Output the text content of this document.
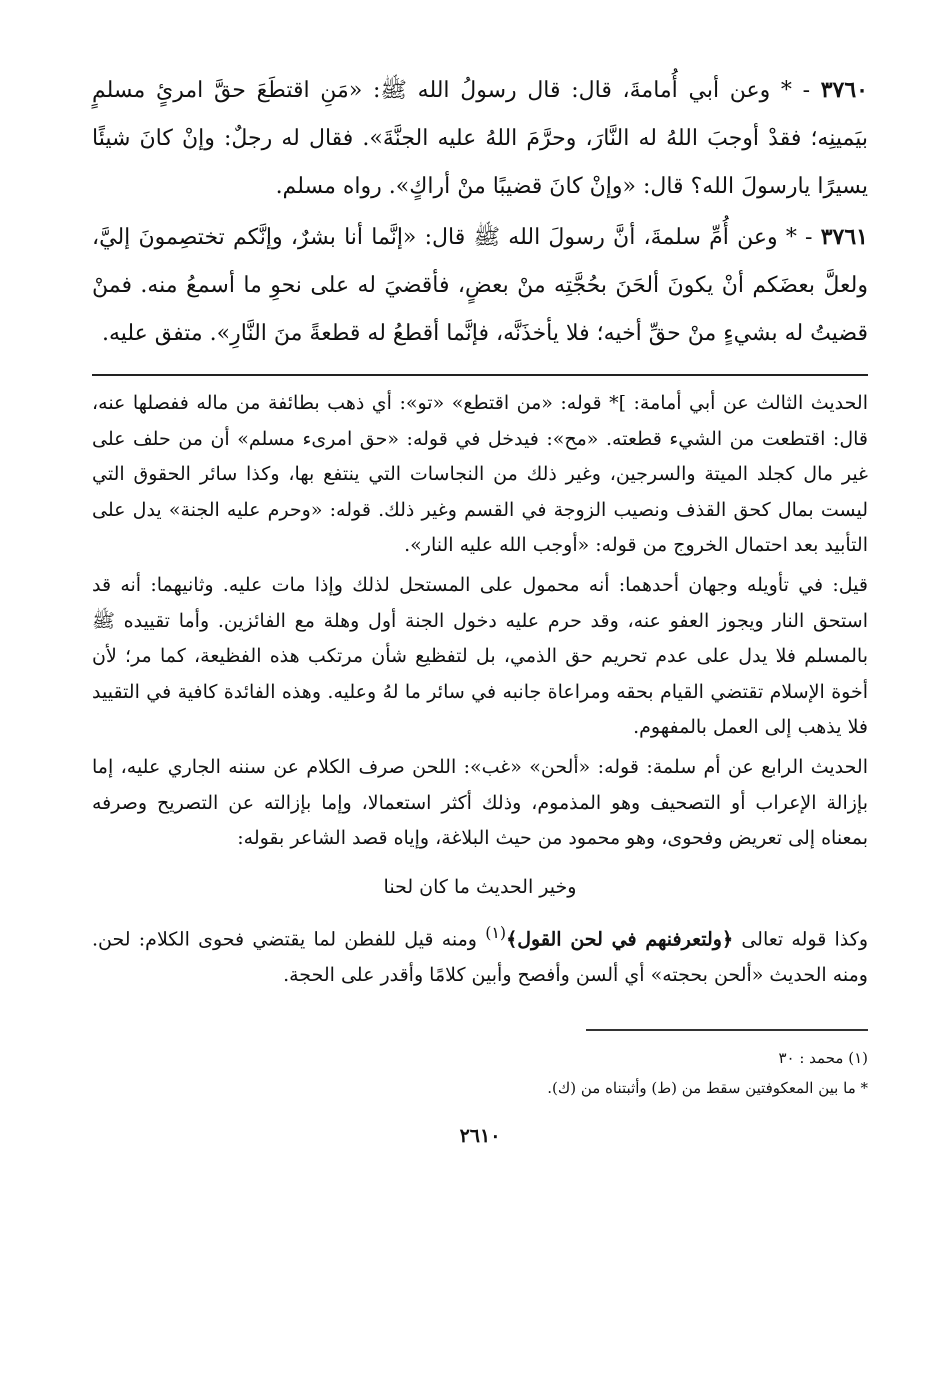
٣٧٦٠ - * وعن أبي أُمامةَ، قال: قال رسولُ الله ﷺ: «مَنِ اقتطَعَ حقَّ امرئٍ مسلمٍ بيَمينِه؛ فقدْ أوجبَ اللهُ له النَّارَ، وحرَّمَ اللهُ عليه الجنَّةَ». فقال له رجلٌ: وإنْ كانَ شيئًا يسيرًا يارسولَ الله؟ قال: «وإنْ كانَ قضيبًا منْ أراكٍ». رواه مسلم.

٣٧٦١ - * وعن أُمِّ سلمةَ، أنَّ رسولَ الله ﷺ قال: «إنَّما أنا بشرٌ، وإنَّكم تختصِمونَ إليَّ، ولعلَّ بعضَكم أنْ يكونَ ألحَنَ بحُجَّتِه منْ بعضٍ، فأقضيَ له على نحوِ ما أسمعُ منه. فمنْ قضيتُ له بشيءٍ منْ حقِّ أخيه؛ فلا يأخذَنَّه، فإنَّما أقطعُ له قطعةً منَ النَّارِ». متفق عليه.

الحديث الثالث عن أبي أمامة: ]* قوله: «من اقتطع» «تو»: أي ذهب بطائفة من ماله ففصلها عنه، قال: اقتطعت من الشيء قطعته. «مح»: فيدخل في قوله: «حق امرىء مسلم» أن من حلف على غير مال كجلد الميتة والسرجين، وغير ذلك من النجاسات التي ينتفع بها، وكذا سائر الحقوق التي ليست بمال كحق القذف ونصيب الزوجة في القسم وغير ذلك. قوله: «وحرم عليه الجنة» يدل على التأبيد بعد احتمال الخروج من قوله: «أوجب الله عليه النار».

قيل: في تأويله وجهان أحدهما: أنه محمول على المستحل لذلك وإذا مات عليه. وثانيهما: أنه قد استحق النار ويجوز العفو عنه، وقد حرم عليه دخول الجنة أول وهلة مع الفائزين. وأما تقييده ﷺ بالمسلم فلا يدل على عدم تحريم حق الذمي، بل لتفظيع شأن مرتكب هذه الفظيعة، كما مر؛ لأن أخوة الإسلام تقتضي القيام بحقه ومراعاة جانبه في سائر ما لهُ وعليه. وهذه الفائدة كافية في التقييد فلا يذهب إلى العمل بالمفهوم.

الحديث الرابع عن أم سلمة: قوله: «ألحن» «غب»: اللحن صرف الكلام عن سننه الجاري عليه، إما بإزالة الإعراب أو التصحيف وهو المذموم، وذلك أكثر استعمالا، وإما بإزالته عن التصريح وصرفه بمعناه إلى تعريض وفحوى، وهو محمود من حيث البلاغة، وإياه قصد الشاعر بقوله:

وخير الحديث ما كان لحنا

وكذا قوله تعالى ﴿ولتعرفنهم في لحن القول﴾$^{(١)}$ ومنه قيل للفطن لما يقتضي فحوى الكلام: لحن. ومنه الحديث «ألحن بحجته» أي ألسن وأفصح وأبين كلامًا وأقدر على الحجة.

(١) محمد : ٣٠

* ما بين المعكوفتين سقط من (ط) وأثبتناه من (ك).

٢٦١٠
